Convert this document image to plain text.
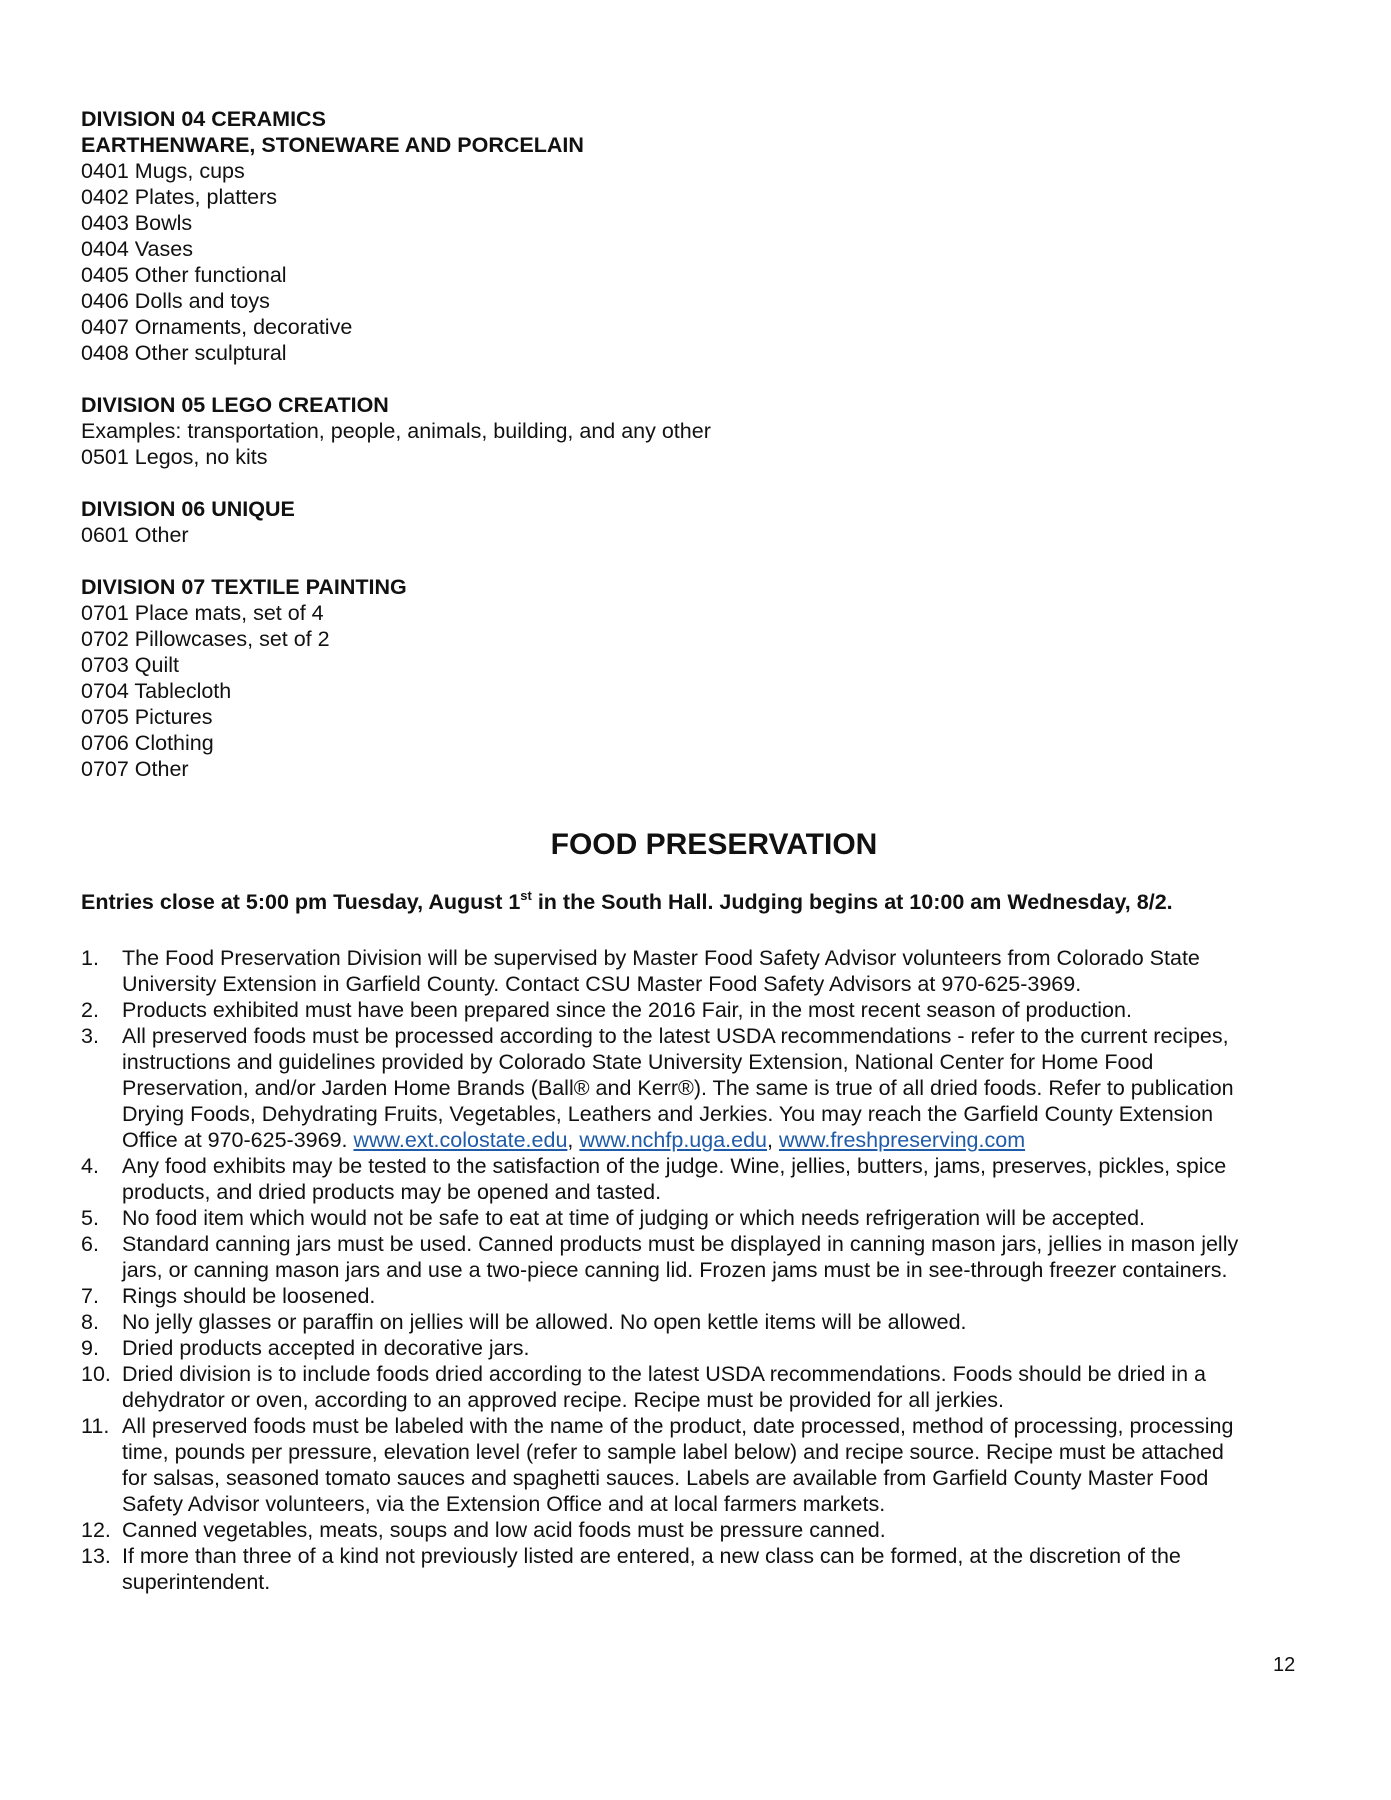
DIVISION 04 CERAMICS
EARTHENWARE, STONEWARE AND PORCELAIN
0401 Mugs, cups
0402 Plates, platters
0403 Bowls
0404 Vases
0405 Other functional
0406 Dolls and toys
0407 Ornaments, decorative
0408 Other sculptural
DIVISION 05 LEGO CREATION
Examples: transportation, people, animals, building, and any other
0501 Legos, no kits
DIVISION 06 UNIQUE
0601 Other
DIVISION 07 TEXTILE PAINTING
0701 Place mats, set of 4
0702 Pillowcases, set of 2
0703 Quilt
0704 Tablecloth
0705 Pictures
0706 Clothing
0707 Other
FOOD PRESERVATION
Entries close at 5:00 pm Tuesday, August 1st in the South Hall. Judging begins at 10:00 am Wednesday, 8/2.
1.	The Food Preservation Division will be supervised by Master Food Safety Advisor volunteers from Colorado State
University Extension in Garfield County. Contact CSU Master Food Safety Advisors at 970-625-3969.
2.	Products exhibited must have been prepared since the 2016 Fair, in the most recent season of production.
3.	All preserved foods must be processed according to the latest USDA recommendations - refer to the current recipes,
instructions and guidelines provided by Colorado State University Extension, National Center for Home Food
Preservation, and/or Jarden Home Brands (Ball® and Kerr®). The same is true of all dried foods. Refer to publication
Drying Foods, Dehydrating Fruits, Vegetables, Leathers and Jerkies. You may reach the Garfield County Extension
Office at 970-625-3969. www.ext.colostate.edu, www.nchfp.uga.edu, www.freshpreserving.com
4.	Any food exhibits may be tested to the satisfaction of the judge. Wine, jellies, butters, jams, preserves, pickles, spice
products, and dried products may be opened and tasted.
5.	No food item which would not be safe to eat at time of judging or which needs refrigeration will be accepted.
6.	Standard canning jars must be used. Canned products must be displayed in canning mason jars, jellies in mason jelly
jars, or canning mason jars and use a two-piece canning lid. Frozen jams must be in see-through freezer containers.
7.	Rings should be loosened.
8.	No jelly glasses or paraffin on jellies will be allowed. No open kettle items will be allowed.
9.	Dried products accepted in decorative jars.
10. Dried division is to include foods dried according to the latest USDA recommendations. Foods should be dried in a
dehydrator or oven, according to an approved recipe. Recipe must be provided for all jerkies.
11. All preserved foods must be labeled with the name of the product, date processed, method of processing, processing
time, pounds per pressure, elevation level (refer to sample label below) and recipe source. Recipe must be attached
for salsas, seasoned tomato sauces and spaghetti sauces. Labels are available from Garfield County Master Food
Safety Advisor volunteers, via the Extension Office and at local farmers markets.
12. Canned vegetables, meats, soups and low acid foods must be pressure canned.
13. If more than three of a kind not previously listed are entered, a new class can be formed, at the discretion of the
superintendent.
12
